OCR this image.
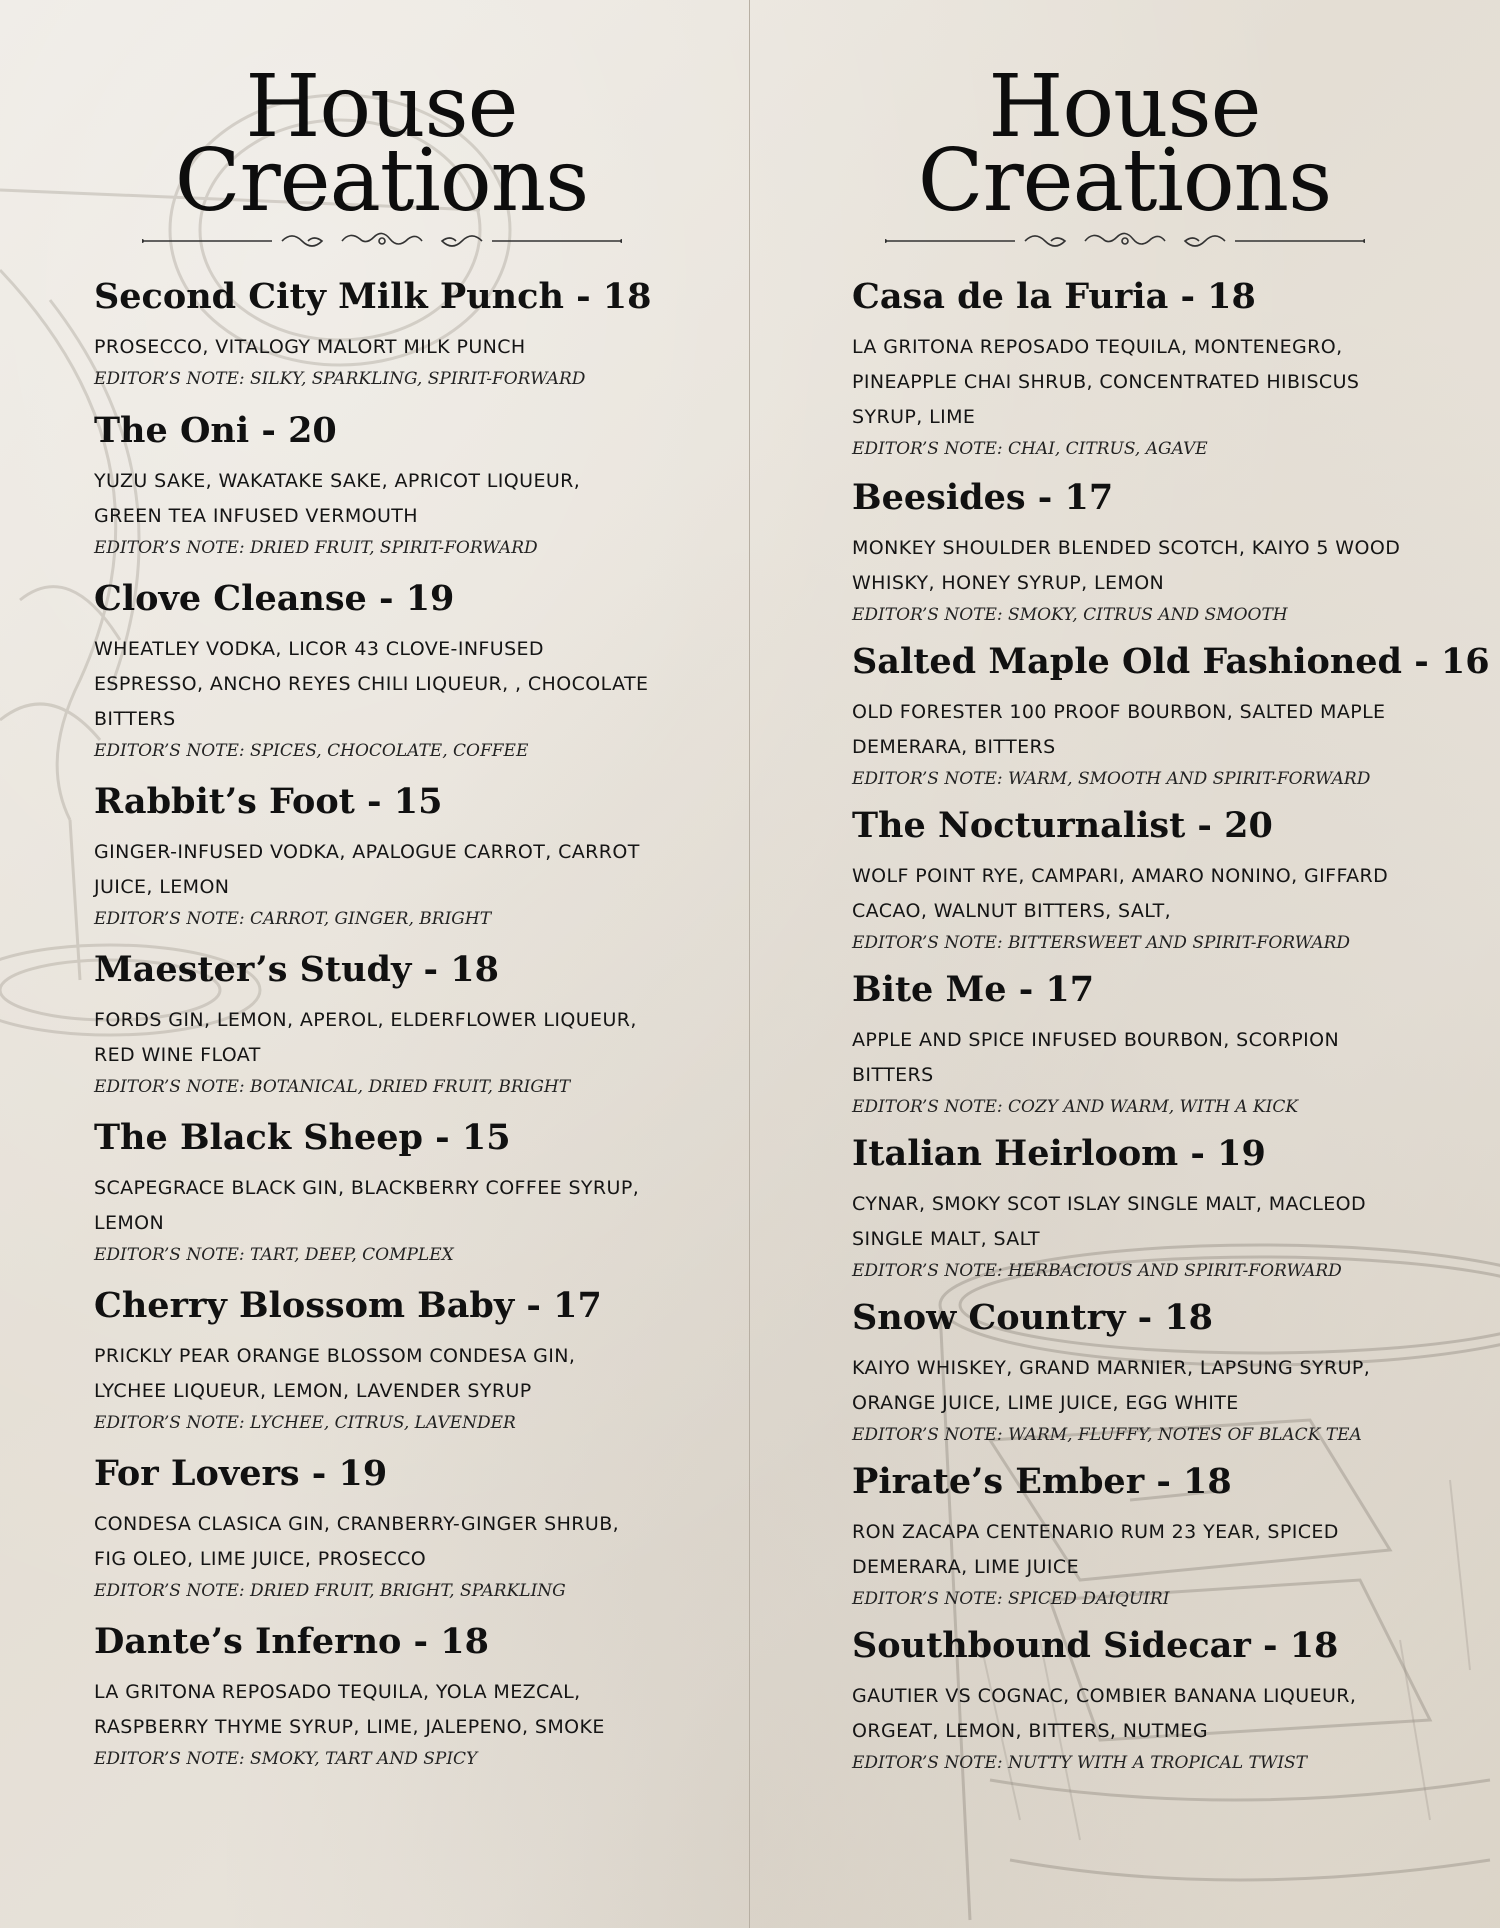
House
Creations
Second City Milk Punch - 18

PROSECCO, VITALOGY MALORT MILK PUNCH

EDITOR’S NOTE: SILKY, SPARKLING, SPIRIT-FORWARD

The Oni - 20

YUZU SAKE, WAKATAKE SAKE, APRICOT LIQUEUR, GREEN TEA INFUSED VERMOUTH

EDITOR’S NOTE: DRIED FRUIT, SPIRIT-FORWARD

Clove Cleanse - 19

WHEATLEY VODKA, LICOR 43 CLOVE-INFUSED ESPRESSO, ANCHO REYES CHILI LIQUEUR, , CHOCOLATE BITTERS

EDITOR’S NOTE: SPICES, CHOCOLATE, COFFEE

Rabbit’s Foot - 15

GINGER-INFUSED VODKA, APALOGUE CARROT, CARROT JUICE, LEMON

EDITOR’S NOTE: CARROT, GINGER, BRIGHT

Maester’s Study - 18

FORDS GIN, LEMON, APEROL, ELDERFLOWER LIQUEUR, RED WINE FLOAT

EDITOR’S NOTE: BOTANICAL, DRIED FRUIT, BRIGHT

The Black Sheep - 15

SCAPEGRACE BLACK GIN, BLACKBERRY COFFEE SYRUP, LEMON

EDITOR’S NOTE: TART, DEEP, COMPLEX

Cherry Blossom Baby - 17

PRICKLY PEAR ORANGE BLOSSOM CONDESA GIN, LYCHEE LIQUEUR, LEMON, LAVENDER SYRUP

EDITOR’S NOTE: LYCHEE, CITRUS, LAVENDER

For Lovers - 19

CONDESA CLASICA GIN, CRANBERRY-GINGER SHRUB, FIG OLEO, LIME JUICE, PROSECCO

EDITOR’S NOTE: DRIED FRUIT, BRIGHT, SPARKLING

Dante’s Inferno - 18

LA GRITONA REPOSADO TEQUILA, YOLA MEZCAL, RASPBERRY THYME SYRUP, LIME, JALEPENO, SMOKE

EDITOR’S NOTE: SMOKY, TART AND SPICY

House
Creations
Casa de la Furia - 18

LA GRITONA REPOSADO TEQUILA, MONTENEGRO, PINEAPPLE CHAI SHRUB, CONCENTRATED HIBISCUS SYRUP, LIME

EDITOR’S NOTE: CHAI, CITRUS, AGAVE

Beesides - 17

MONKEY SHOULDER BLENDED SCOTCH, KAIYO 5 WOOD WHISKY, HONEY SYRUP, LEMON

EDITOR’S NOTE: SMOKY, CITRUS AND SMOOTH

Salted Maple Old Fashioned - 16

OLD FORESTER 100 PROOF BOURBON, SALTED MAPLE DEMERARA, BITTERS

EDITOR’S NOTE: WARM, SMOOTH AND SPIRIT-FORWARD

The Nocturnalist - 20

WOLF POINT RYE, CAMPARI, AMARO NONINO, GIFFARD CACAO, WALNUT BITTERS, SALT,

EDITOR’S NOTE: BITTERSWEET AND SPIRIT-FORWARD

Bite Me - 17

APPLE AND SPICE INFUSED BOURBON, SCORPION BITTERS

EDITOR’S NOTE: COZY AND WARM, WITH A KICK

Italian Heirloom - 19

CYNAR, SMOKY SCOT ISLAY SINGLE MALT, MACLEOD SINGLE MALT, SALT

EDITOR’S NOTE: HERBACIOUS AND SPIRIT-FORWARD

Snow Country - 18

KAIYO WHISKEY, GRAND MARNIER, LAPSUNG SYRUP, ORANGE JUICE, LIME JUICE, EGG WHITE

EDITOR’S NOTE: WARM, FLUFFY, NOTES OF BLACK TEA

Pirate’s Ember - 18

RON ZACAPA CENTENARIO RUM 23 YEAR, SPICED DEMERARA, LIME JUICE

EDITOR’S NOTE: SPICED DAIQUIRI

Southbound Sidecar - 18

GAUTIER VS COGNAC, COMBIER BANANA LIQUEUR, ORGEAT, LEMON, BITTERS, NUTMEG

EDITOR’S NOTE: NUTTY WITH A TROPICAL TWIST
